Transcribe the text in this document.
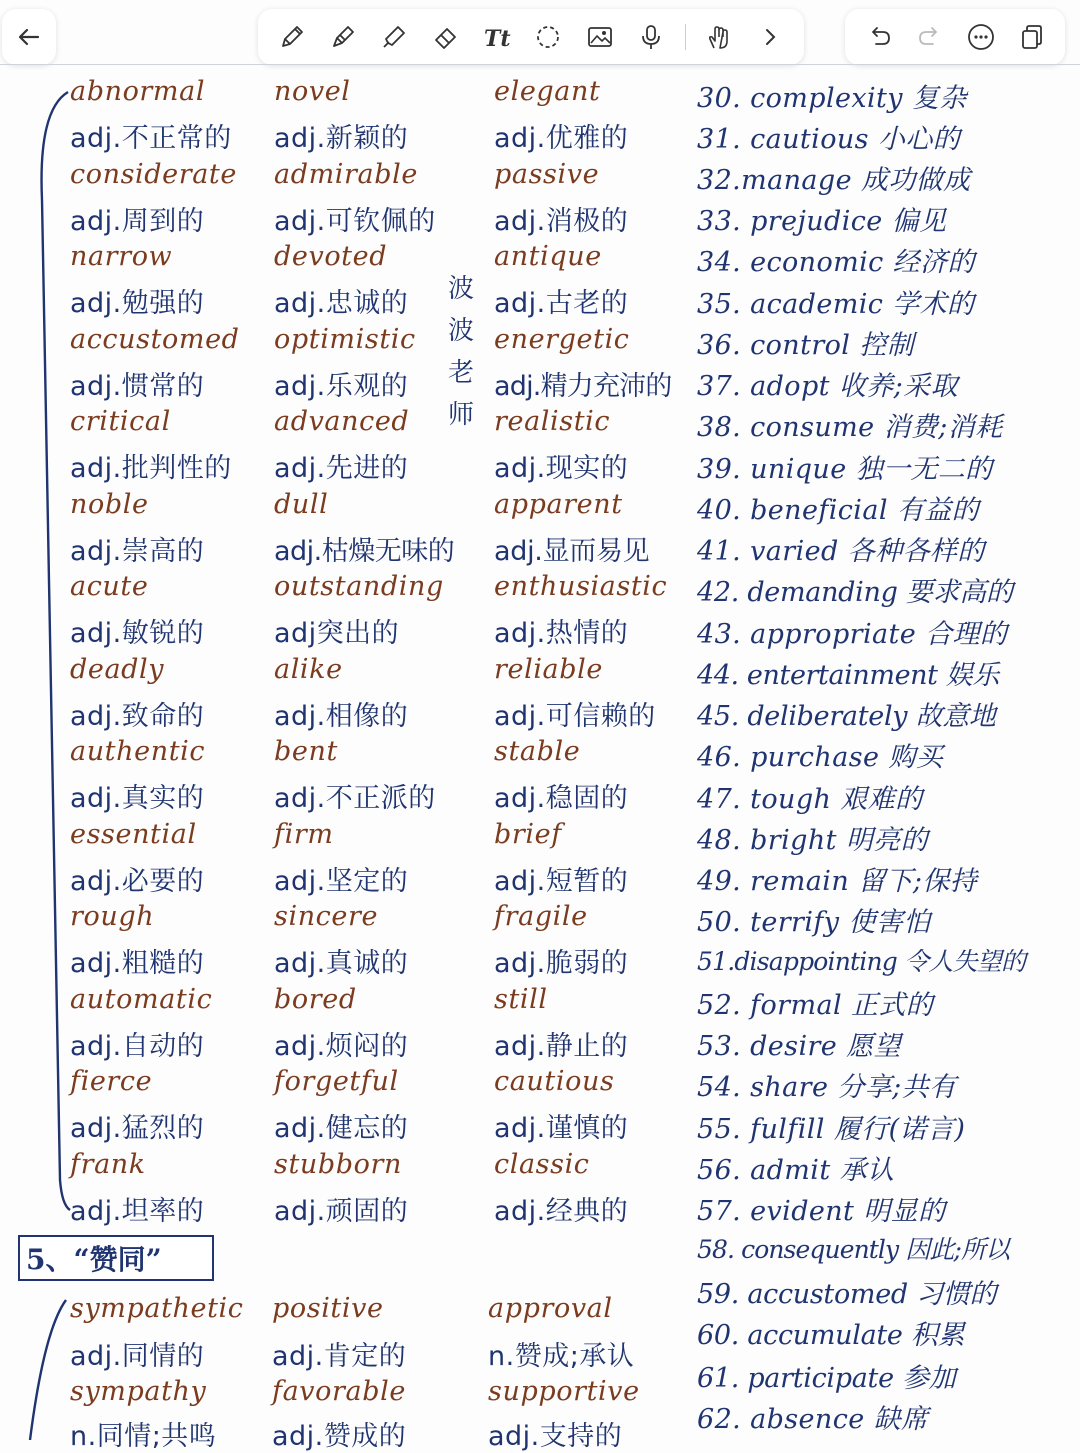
Tt
abnormal
adj.不正常的
considerate
adj.周到的
narrow
adj.勉强的
accustomed
adj.惯常的
critical
adj.批判性的
noble
adj.崇高的
acute
adj.敏锐的
deadly
adj.致命的
authentic
adj.真实的
essential
adj.必要的
rough
adj.粗糙的
automatic
adj.自动的
fierce
adj.猛烈的
frank
adj.坦率的
novel
adj.新颖的
admirable
adj.可钦佩的
devoted
adj.忠诚的
optimistic
adj.乐观的
advanced
adj.先进的
dull
adj.枯燥无味的
outstanding
adj突出的
alike
adj.相像的
bent
adj.不正派的
firm
adj.坚定的
sincere
adj.真诚的
bored
adj.烦闷的
forgetful
adj.健忘的
stubborn
adj.顽固的
波
波
老
师
elegant
adj.优雅的
passive
adj.消极的
antique
adj.古老的
energetic
adj.精力充沛的
realistic
adj.现实的
apparent
adj.显而易见
enthusiastic
adj.热情的
reliable
adj.可信赖的
stable
adj.稳固的
brief
adj.短暂的
fragile
adj.脆弱的
still
adj.静止的
cautious
adj.谨慎的
classic
adj.经典的
30. complexity 复杂
31. cautious 小心的
32.manage 成功做成
33. prejudice 偏见
34. economic 经济的
35. academic 学术的
36. control 控制
37. adopt 收养;采取
38. consume 消费;消耗
39. unique 独一无二的
40. beneficial 有益的
41. varied 各种各样的
42. demanding 要求高的
43. appropriate 合理的
44. entertainment 娱乐
45. deliberately 故意地
46. purchase 购买
47. tough 艰难的
48. bright 明亮的
49. remain 留下;保持
50. terrify 使害怕
51.disappointing 令人失望的
52. formal 正式的
53. desire 愿望
54. share 分享;共有
55. fulfill 履行(诺言)
56. admit 承认
57. evident 明显的
58. consequently 因此;所以
59. accustomed 习惯的
60. accumulate 积累
61. participate 参加
62. absence 缺席
5、“赞同”
sympathetic
adj.同情的
sympathy
n.同情;共鸣
positive
adj.肯定的
favorable
adj.赞成的
approval
n.赞成;承认
supportive
adj.支持的
